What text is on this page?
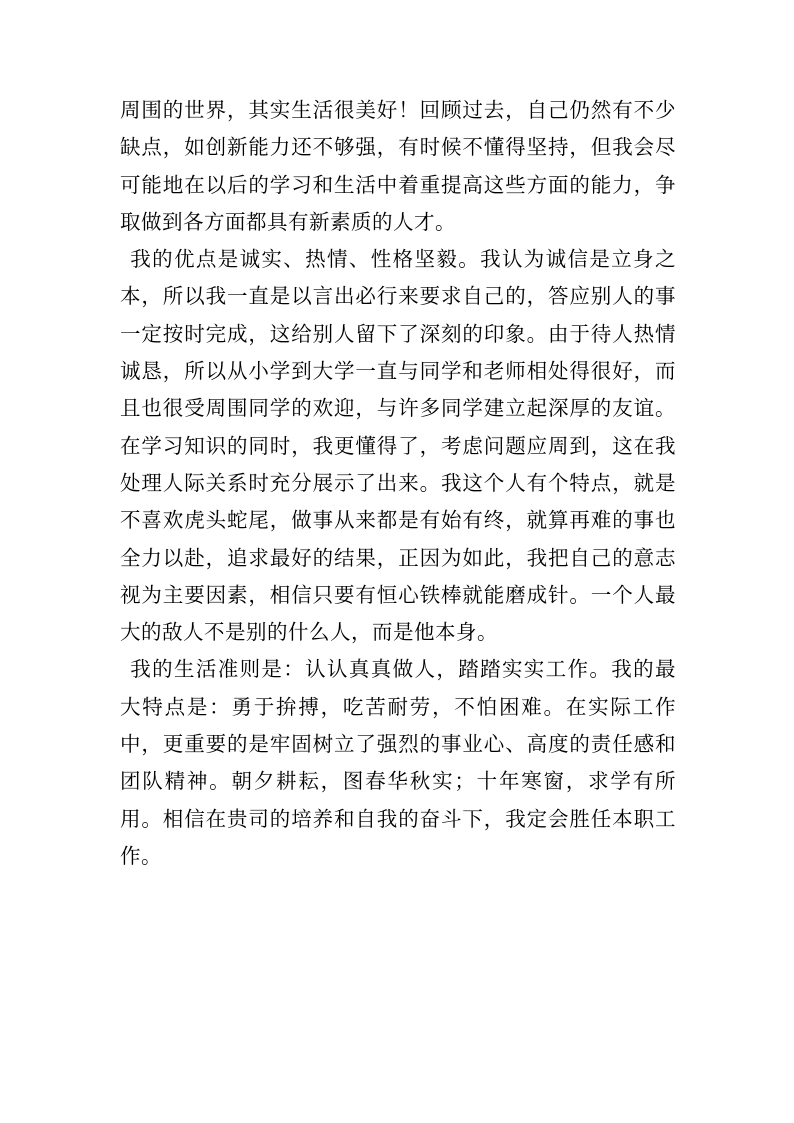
周围的世界，其实生活很美好！回顾过去，自己仍然有不少缺点，如创新能力还不够强，有时候不懂得坚持，但我会尽可能地在以后的学习和生活中着重提高这些方面的能力，争取做到各方面都具有新素质的人才。

我的优点是诚实、热情、性格坚毅。我认为诚信是立身之本，所以我一直是以言出必行来要求自己的，答应别人的事一定按时完成，这给别人留下了深刻的印象。由于待人热情诚恳，所以从小学到大学一直与同学和老师相处得很好，而且也很受周围同学的欢迎，与许多同学建立起深厚的友谊。在学习知识的同时，我更懂得了，考虑问题应周到，这在我处理人际关系时充分展示了出来。我这个人有个特点，就是不喜欢虎头蛇尾，做事从来都是有始有终，就算再难的事也全力以赴，追求最好的结果，正因为如此，我把自己的意志视为主要因素，相信只要有恒心铁棒就能磨成针。一个人最大的敌人不是别的什么人，而是他本身。

我的生活准则是：认认真真做人，踏踏实实工作。我的最大特点是：勇于拚搏，吃苦耐劳，不怕困难。在实际工作中，更重要的是牢固树立了强烈的事业心、高度的责任感和团队精神。朝夕耕耘，图春华秋实；十年寒窗，求学有所用。相信在贵司的培养和自我的奋斗下，我定会胜任本职工作。
